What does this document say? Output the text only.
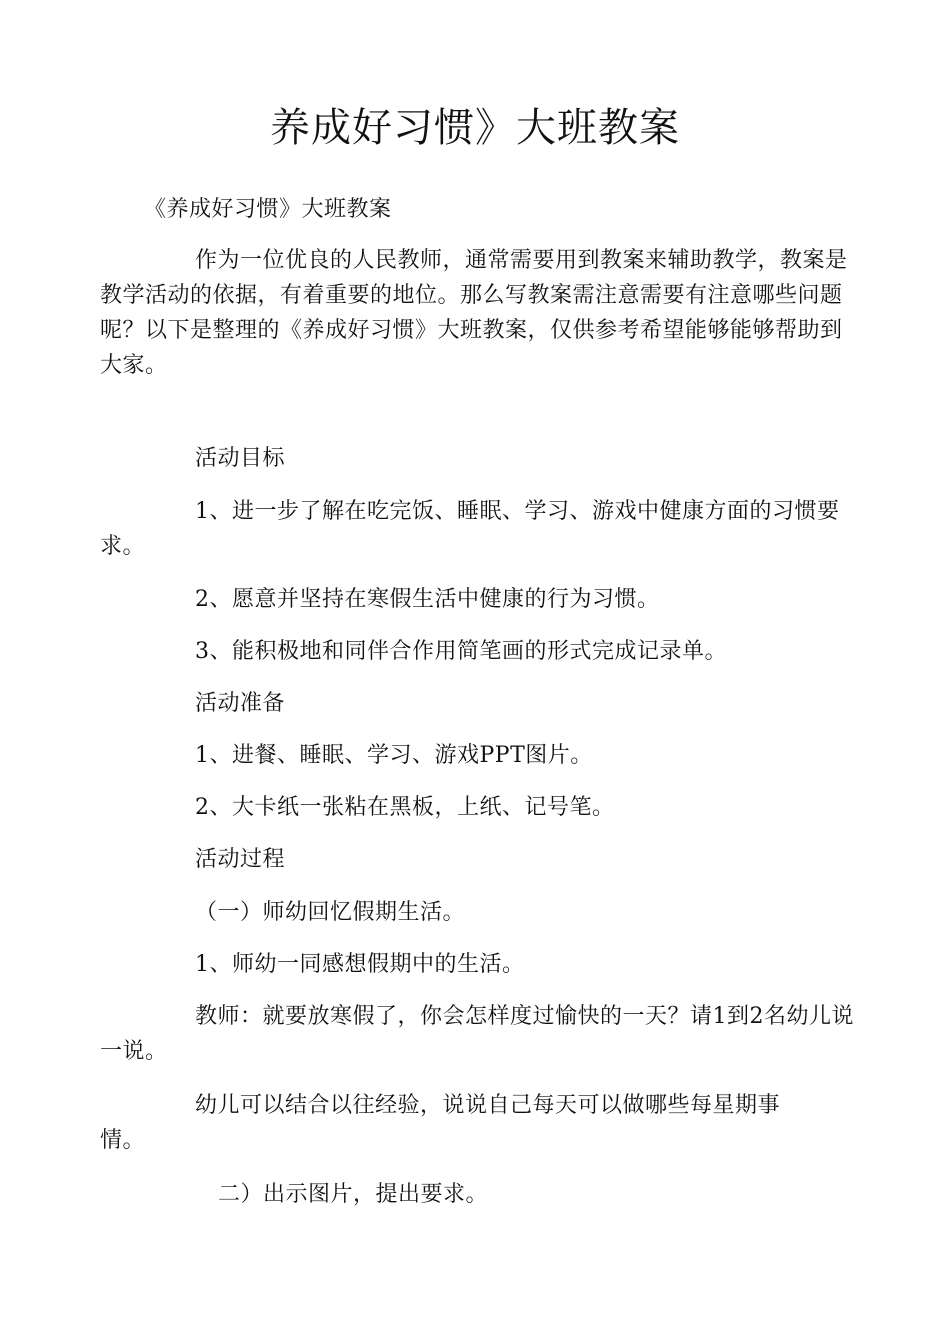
养成好习惯》大班教案
《养成好习惯》大班教案
作为一位优良的人民教师，通常需要用到教案来辅助教学，教案是教学活动的依据，有着重要的地位。那么写教案需注意需要有注意哪些问题呢？以下是整理的《养成好习惯》大班教案，仅供参考希望能够能够帮助到大家。
活动目标
1、进一步了解在吃完饭、睡眠、学习、游戏中健康方面的习惯要求。
2、愿意并坚持在寒假生活中健康的行为习惯。
3、能积极地和同伴合作用简笔画的形式完成记录单。
活动准备
1、进餐、睡眠、学习、游戏PPT图片。
2、大卡纸一张粘在黑板，上纸、记号笔。
活动过程
（一）师幼回忆假期生活。
1、师幼一同感想假期中的生活。
教师：就要放寒假了，你会怎样度过愉快的一天？请1到2名幼儿说一说。
幼儿可以结合以往经验，说说自己每天可以做哪些每星期事情。
二）出示图片，提出要求。
